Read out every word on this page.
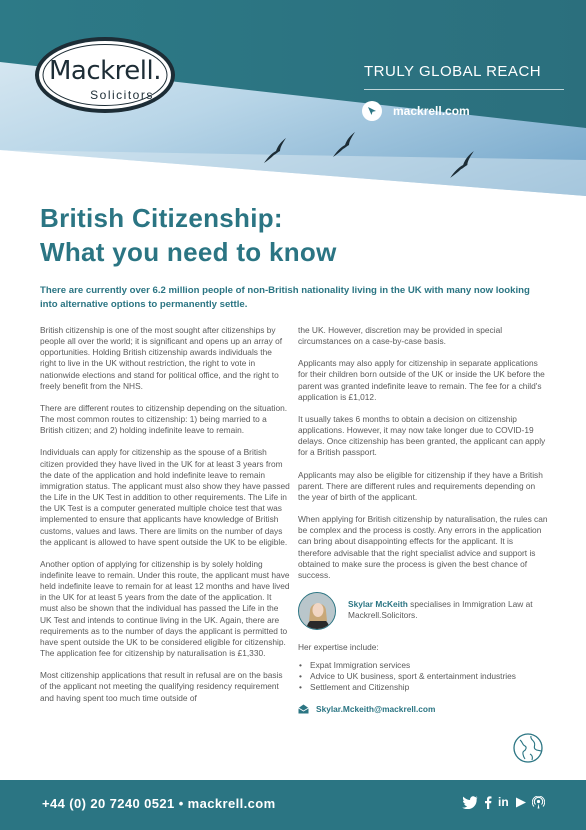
Mackrell.
Solicitors
TRULY GLOBAL REACH
mackrell.com
British Citizenship:
What you need to know
There are currently over 6.2 million people of non-British nationality living in the UK with many now looking into alternative options to permanently settle.

British citizenship is one of the most sought after citizenships by people all over the world; it is significant and opens up an array of opportunities. Holding British citizenship awards individuals the right to live in the UK without restriction, the right to vote in nationwide elections and stand for political office, and the right to freely benefit from the NHS.

There are different routes to citizenship depending on the situation. The most common routes to citizenship: 1) being married to a British citizen; and 2) holding indefinite leave to remain.

Individuals can apply for citizenship as the spouse of a British citizen provided they have lived in the UK for at least 3 years from the date of the application and hold indefinite leave to remain immigration status. The applicant must also show they have passed the Life in the UK Test in addition to other requirements. The Life in the UK Test is a computer generated multiple choice test that was implemented to ensure that applicants have knowledge of British customs, values and laws. There are limits on the number of days the applicant is allowed to have spent outside the UK to be eligible.

Another option of applying for citizenship is by solely holding indefinite leave to remain. Under this route, the applicant must have held indefinite leave to remain for at least 12 months and have lived in the UK for at least 5 years from the date of the application. It must also be shown that the individual has passed the Life in the UK Test and intends to continue living in the UK. Again, there are requirements as to the number of days the applicant is permitted to have spent outside the UK to be considered eligible for citizenship. The application fee for citizenship by naturalisation is £1,330.

Most citizenship applications that result in refusal are on the basis of the applicant not meeting the qualifying residency requirement and having spent too much time outside of

the UK. However, discretion may be provided in special circumstances on a case-by-case basis.

Applicants may also apply for citizenship in separate applications for their children born outside of the UK or inside the UK before the parent was granted indefinite leave to remain. The fee for a child's application is £1,012.

It usually takes 6 months to obtain a decision on citizenship applications. However, it may now take longer due to COVID-19 delays. Once citizenship has been granted, the applicant can apply for a British passport.

Applicants may also be eligible for citizenship if they have a British parent. There are different rules and requirements depending on the year of birth of the applicant.

When applying for British citizenship by naturalisation, the rules can be complex and the process is costly. Any errors in the application can bring about disappointing effects for the applicant. It is therefore advisable that the right specialist advice and support is obtained to make sure the process is given the best chance of success.

Skylar McKeith specialises in Immigration Law at Mackrell.Solicitors.

Her expertise include:

• Expat Immigration services
• Advice to UK business, sport & entertainment industries
• Settlement and Citizenship
Skylar.Mckeith@mackrell.com
+44 (0) 20 7240 0521 • mackrell.com	in
